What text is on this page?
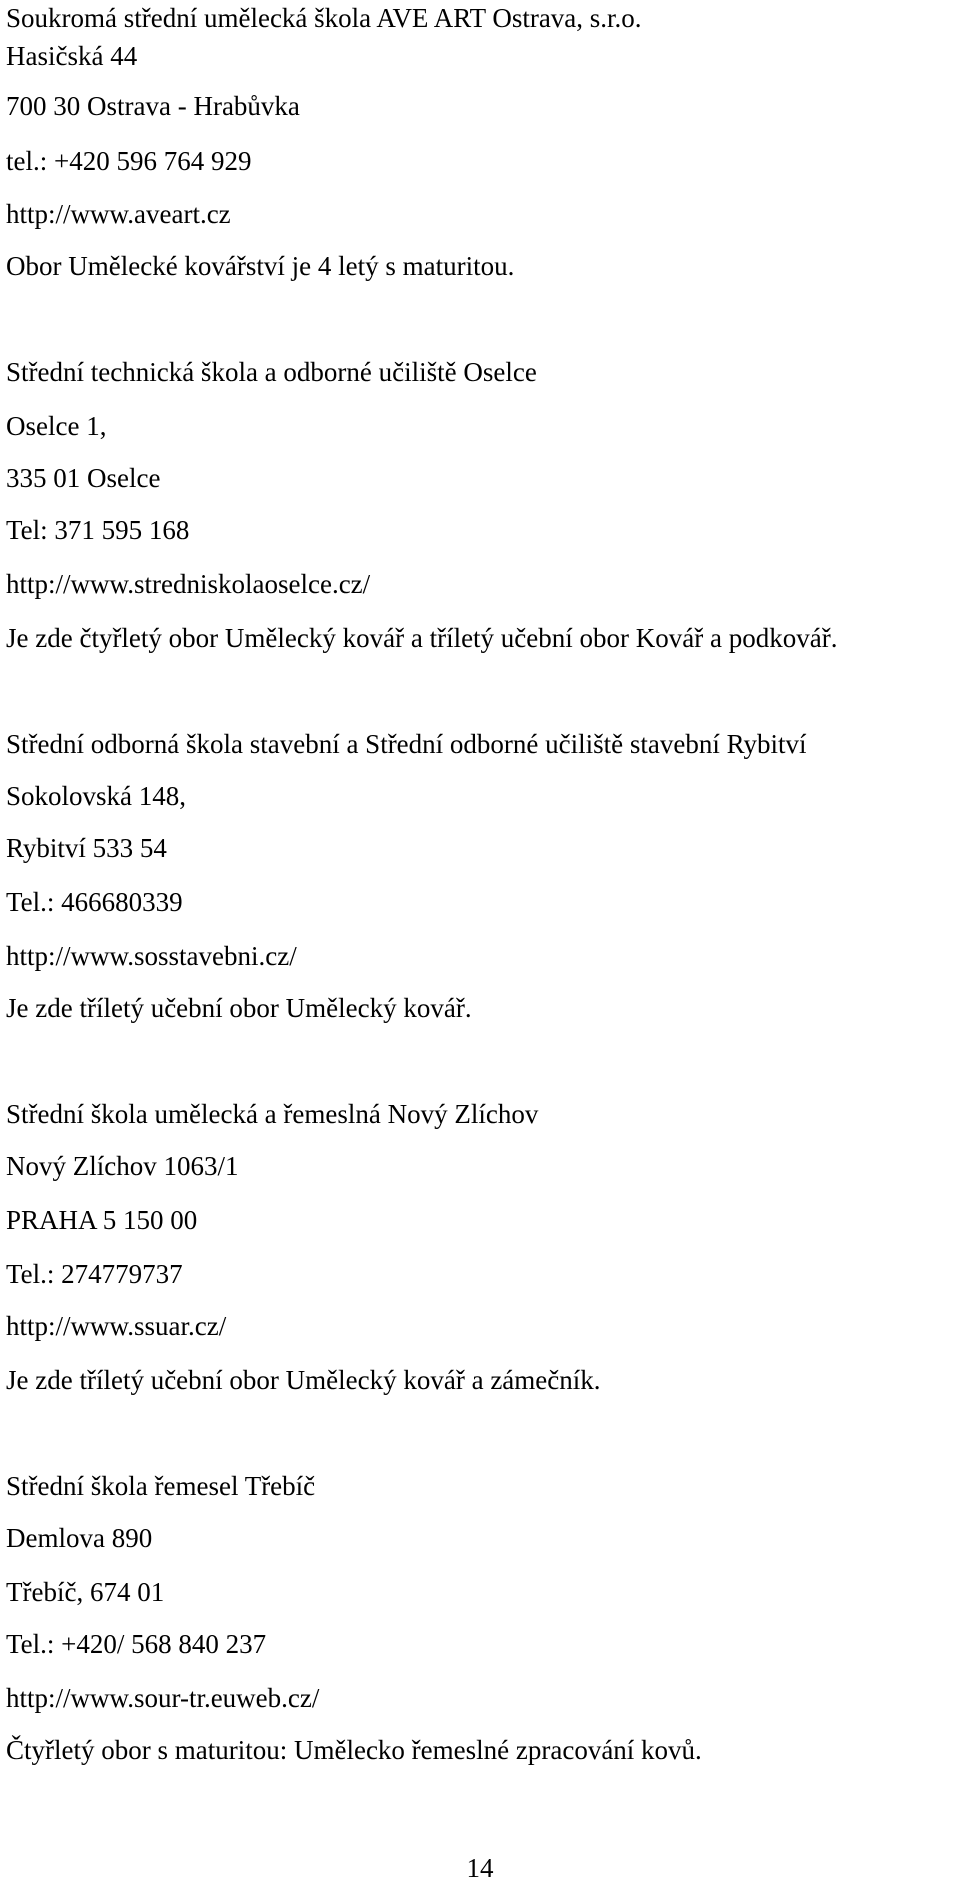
Soukromá střední umělecká škola AVE ART Ostrava, s.r.o.
Hasičská 44
700 30 Ostrava - Hrabůvka
tel.: +420 596 764 929
http://www.aveart.cz
Obor Umělecké kovářství je 4 letý s maturitou.
Střední technická škola a odborné učiliště Oselce
Oselce 1,
335 01 Oselce
Tel: 371 595 168
http://www.stredniskolaoselce.cz/
Je zde čtyřletý obor Umělecký kovář a tříletý učební obor Kovář a podkovář.
Střední odborná škola stavební a Střední odborné učiliště stavební Rybitví
Sokolovská 148,
Rybitví 533 54
Tel.: 466680339
http://www.sosstavebni.cz/
Je zde tříletý učební obor Umělecký kovář.
Střední škola umělecká a řemeslná Nový Zlíchov
Nový Zlíchov 1063/1
PRAHA 5 150 00
Tel.: 274779737
http://www.ssuar.cz/
Je zde tříletý učební obor Umělecký kovář a zámečník.
Střední škola řemesel Třebíč
Demlova 890
Třebíč, 674 01
Tel.: +420/ 568 840 237
http://www.sour-tr.euweb.cz/
Čtyřletý obor s maturitou: Umělecko řemeslné zpracování kovů.
14
